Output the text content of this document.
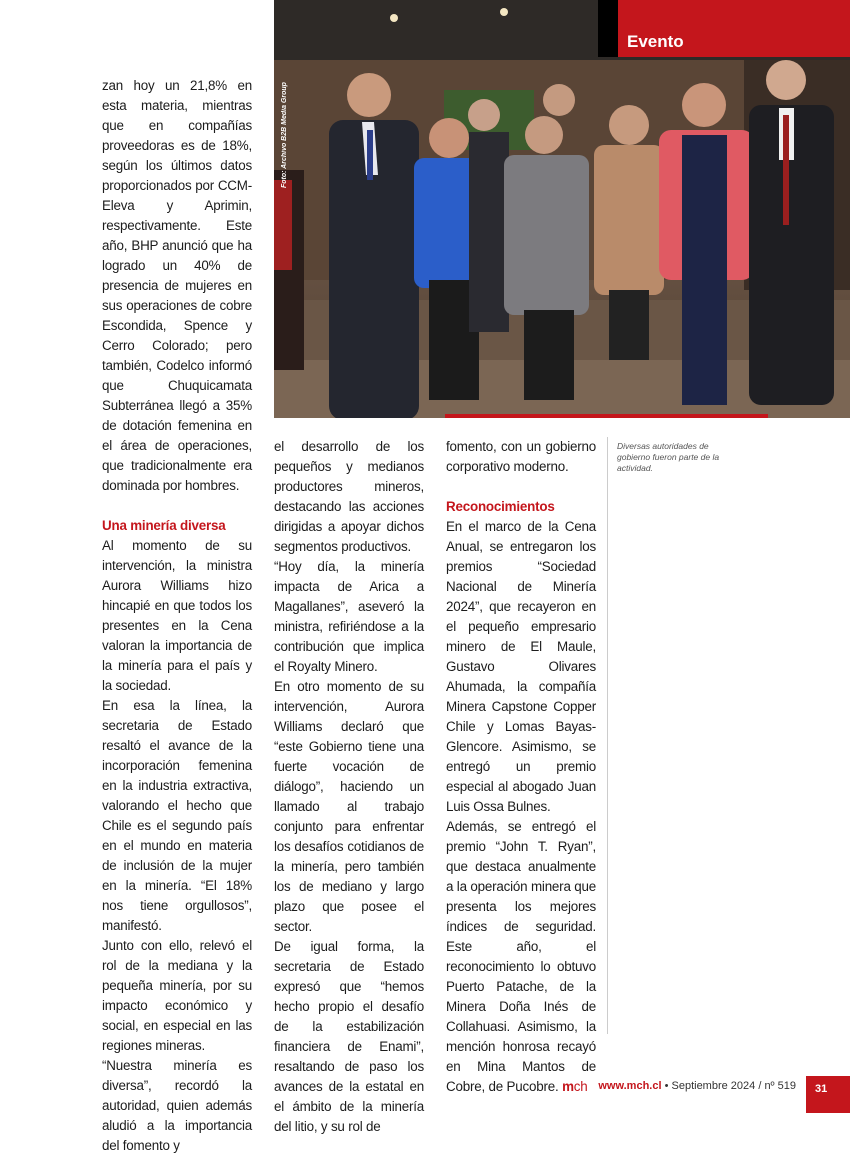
Foto: Archivo B2B Media Group
Evento

zan hoy un 21,8% en esta materia, mientras que en compañías proveedoras es de 18%, según los últimos datos proporcionados por CCM-Eleva y Aprimin, respectivamente. Este año, BHP anunció que ha logrado un 40% de presencia de mujeres en sus operaciones de cobre Escondida, Spence y Cerro Colorado; pero también, Codelco informó que Chuquicamata Subterránea llegó a 35% de dotación femenina en el área de operaciones, que tradicionalmente era dominada por hombres.

Una minería diversa

Al momento de su intervención, la ministra Aurora Williams hizo hincapié en que todos los presentes en la Cena valoran la importancia de la minería para el país y la sociedad.

En esa la línea, la secretaria de Estado resaltó el avance de la incorporación femenina en la industria extractiva, valorando el hecho que Chile es el segundo país en el mundo en materia de inclusión de la mujer en la minería. “El 18% nos tiene orgullosos”, manifestó.

Junto con ello, relevó el rol de la mediana y la pequeña minería, por su impacto económico y social, en especial en las regiones mineras.

“Nuestra minería es diversa”, recordó la autoridad, quien además aludió a la importancia del fomento y

el desarrollo de los pequeños y medianos productores mineros, destacando las acciones dirigidas a apoyar dichos segmentos productivos.

“Hoy día, la minería impacta de Arica a Magallanes”, aseveró la ministra, refiriéndose a la contribución que implica el Royalty Minero.

En otro momento de su intervención, Aurora Williams declaró que “este Gobierno tiene una fuerte vocación de diálogo”, haciendo un llamado al trabajo conjunto para enfrentar los desafíos cotidianos de la minería, pero también los de mediano y largo plazo que posee el sector.

De igual forma, la secretaria de Estado expresó que “hemos hecho propio el desafío de la estabilización financiera de Enami”, resaltando de paso los avances de la estatal en el ámbito de la minería del litio, y su rol de

fomento, con un gobierno corporativo moderno.

Reconocimientos

En el marco de la Cena Anual, se entregaron los premios “Sociedad Nacional de Minería 2024”, que recayeron en el pequeño empresario minero de El Maule, Gustavo Olivares Ahumada, la compañía Minera Capstone Copper Chile y Lomas Bayas-Glencore. Asimismo, se entregó un premio especial al abogado Juan Luis Ossa Bulnes.

Además, se entregó el premio “John T. Ryan”, que destaca anualmente a la operación minera que presenta los mejores índices de seguridad. Este año, el reconocimiento lo obtuvo Puerto Patache, de la Minera Doña Inés de Collahuasi. Asimismo, la mención honrosa recayó en Mina Mantos de Cobre, de Pucobre. mch

Diversas autoridades de gobierno fueron parte de la actividad.
www.mch.cl • Septiembre 2024 / nº 519	31
